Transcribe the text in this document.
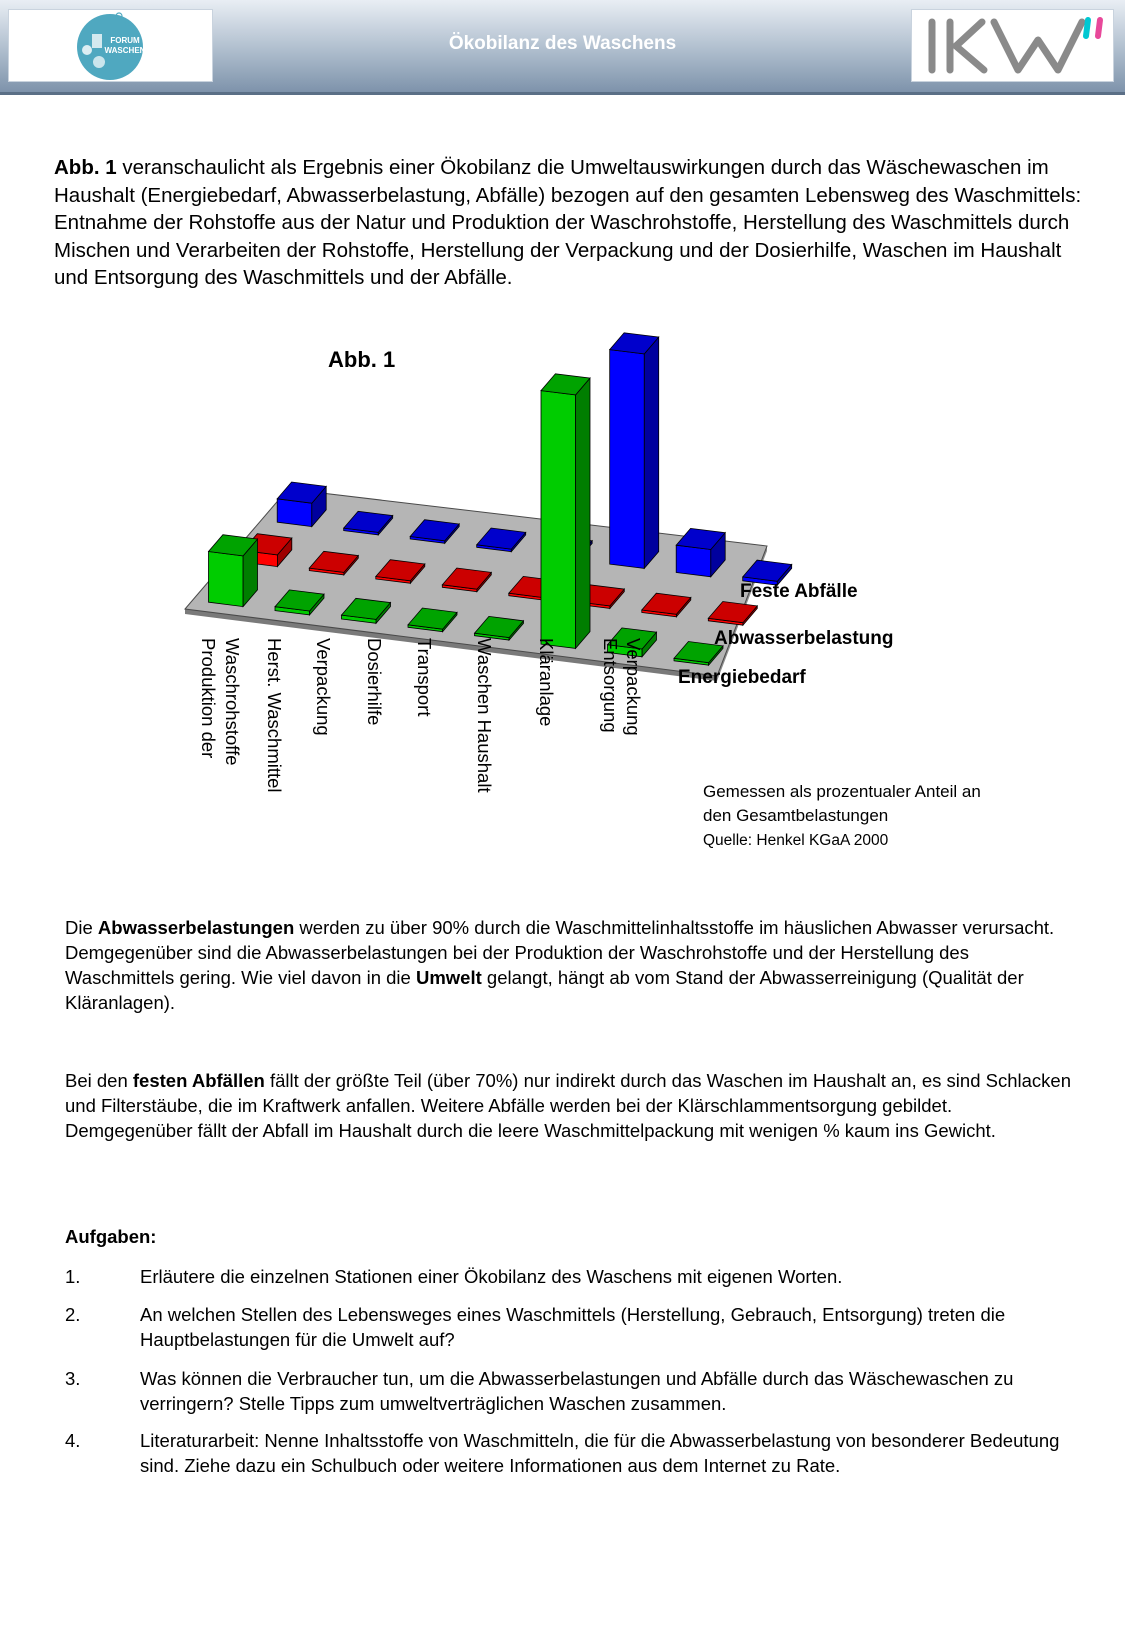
FORUM
WASCHEN	Ökobilanz des Waschens
Abb. 1 veranschaulicht als Ergebnis einer Ökobilanz die Umweltauswirkungen durch das Wäschewaschen im Haushalt (Energiebedarf, Abwasserbelastung, Abfälle) bezogen auf den gesamten Lebensweg des Waschmittels: Entnahme der Rohstoffe aus der Natur und Produktion der Waschrohstoffe, Herstellung des Waschmittels durch Mischen und Verarbeiten der Rohstoffe, Herstellung der Verpackung und der Dosierhilfe, Waschen im Haushalt und Entsorgung des Waschmittels und der Abfälle.
Abb. 1
Energiebedarf
Abwasserbelastung
Feste Abfälle
Produktion der Waschrohstoffe Herst. Waschmittel Verpackung Dosierhilfe Transport Waschen Haushalt Kläranlage Entsorgung Verpackung
Gemessen als prozentualer Anteil an
den Gesamtbelastungen
Quelle: Henkel KGaA 2000
Die Abwasserbelastungen werden zu über 90% durch die Waschmittelinhaltsstoffe im häuslichen Abwasser verursacht. Demgegenüber sind die Abwasserbelastungen bei der Produktion der Waschrohstoffe und der Herstellung des Waschmittels gering. Wie viel davon in die Umwelt gelangt, hängt ab vom Stand der Abwasserreinigung (Qualität der Kläranlagen).
Bei den festen Abfällen fällt der größte Teil (über 70%) nur indirekt durch das Waschen im Haushalt an, es sind Schlacken und Filterstäube, die im Kraftwerk anfallen. Weitere Abfälle werden bei der Klärschlammentsorgung gebildet. Demgegenüber fällt der Abfall im Haushalt durch die leere Waschmittelpackung mit wenigen % kaum ins Gewicht.
Aufgaben:
1.	Erläutere die einzelnen Stationen einer Ökobilanz des Waschens mit eigenen Worten.
2.	An welchen Stellen des Lebensweges eines Waschmittels (Herstellung, Gebrauch, Entsorgung) treten die Hauptbelastungen für die Umwelt auf?
3.	Was können die Verbraucher tun, um die Abwasserbelastungen und Abfälle durch das Wäschewaschen zu verringern? Stelle Tipps zum umweltverträglichen Waschen zusammen.
4.	Literaturarbeit: Nenne Inhaltsstoffe von Waschmitteln, die für die Abwasserbelastung von besonderer Bedeutung sind. Ziehe dazu ein Schulbuch oder weitere Informationen aus dem Internet zu Rate.
